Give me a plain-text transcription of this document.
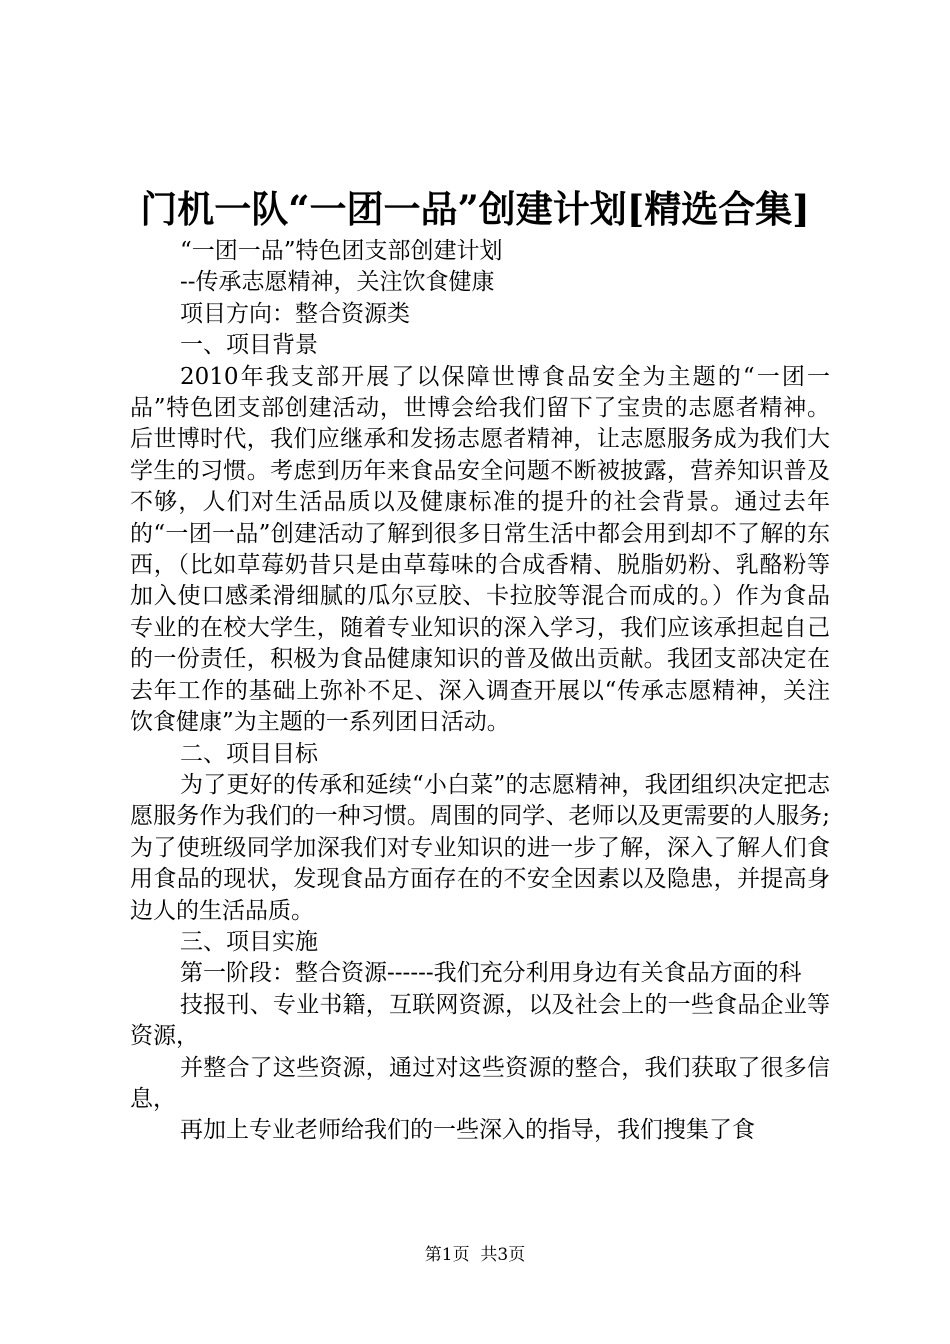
门机一队“一团一品”创建计划[精选合集]

“一团一品”特色团支部创建计划

--传承志愿精神，关注饮食健康

项目方向：整合资源类

一、项目背景

2010年我支部开展了以保障世博食品安全为主题的“一团一品”特色团支部创建活动，世博会给我们留下了宝贵的志愿者精神。后世博时代，我们应继承和发扬志愿者精神，让志愿服务成为我们大学生的习惯。考虑到历年来食品安全问题不断被披露，营养知识普及不够，人们对生活品质以及健康标准的提升的社会背景。通过去年的“一团一品”创建活动了解到很多日常生活中都会用到却不了解的东西，（比如草莓奶昔只是由草莓味的合成香精、脱脂奶粉、乳酪粉等加入使口感柔滑细腻的瓜尔豆胶、卡拉胶等混合而成的。）作为食品专业的在校大学生，随着专业知识的深入学习，我们应该承担起自己的一份责任，积极为食品健康知识的普及做出贡献。我团支部决定在去年工作的基础上弥补不足、深入调查开展以“传承志愿精神，关注饮食健康”为主题的一系列团日活动。

二、项目目标

为了更好的传承和延续“小白菜”的志愿精神，我团组织决定把志愿服务作为我们的一种习惯。周围的同学、老师以及更需要的人服务;为了使班级同学加深我们对专业知识的进一步了解，深入了解人们食用食品的现状，发现食品方面存在的不安全因素以及隐患，并提高身边人的生活品质。

三、项目实施

第一阶段：整合资源------我们充分利用身边有关食品方面的科

技报刊、专业书籍，互联网资源，以及社会上的一些食品企业等资源，

并整合了这些资源，通过对这些资源的整合，我们获取了很多信息，

再加上专业老师给我们的一些深入的指导，我们搜集了食

第1页 共3页
